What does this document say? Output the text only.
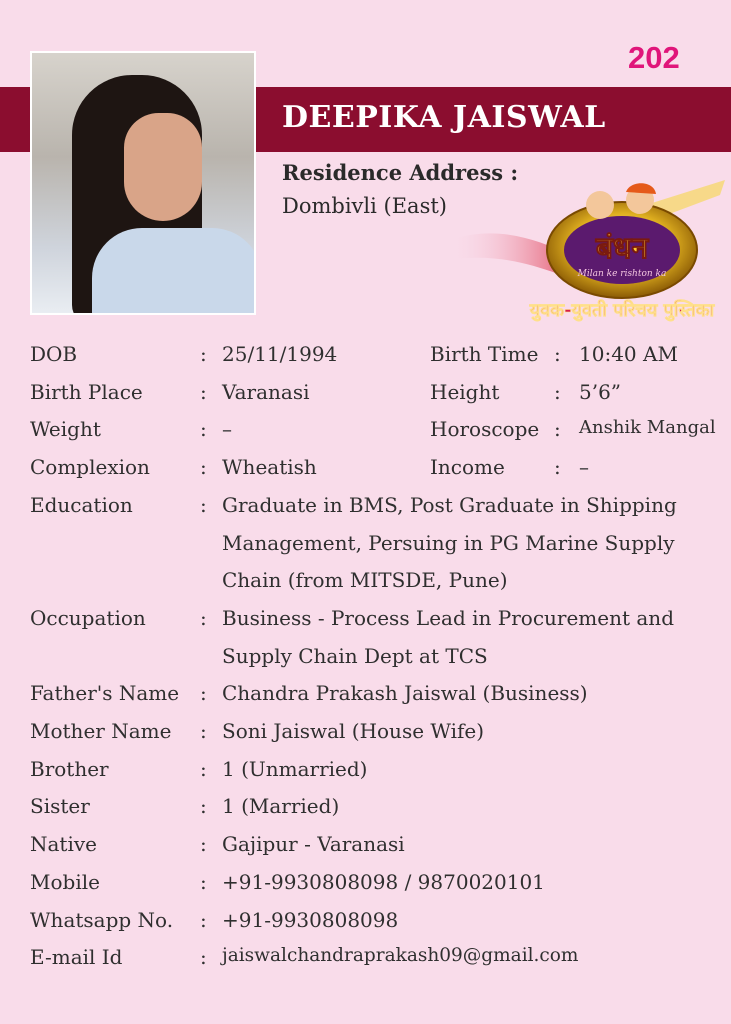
202
DEEPIKA JAISWAL
Residence Address :
Dombivli (East)
बंधन
Milan ke rishton ka
युवक-युवती परिचय पुस्तिका
DOB	: 25/11/1994	Birth Time : 10:40 AM
Birth Place	: Varanasi	Height	: 5’6”
Weight	: –	Horoscope : Anshik Mangal
Complexion	: Wheatish	Income : –
Education	: Graduate in BMS, Post Graduate in Shipping
Management, Persuing in PG Marine Supply
Chain (from MITSDE, Pune)
Occupation	: Business - Process Lead in Procurement and
Supply Chain Dept at TCS
Father's Name : Chandra Prakash Jaiswal (Business)
Mother Name : Soni Jaiswal (House Wife)
Brother	: 1 (Unmarried)
Sister	: 1 (Married)
Native	: Gajipur - Varanasi
Mobile	: +91-9930808098 / 9870020101
Whatsapp No. : +91-9930808098
E-mail Id	: jaiswalchandraprakash09@gmail.com
